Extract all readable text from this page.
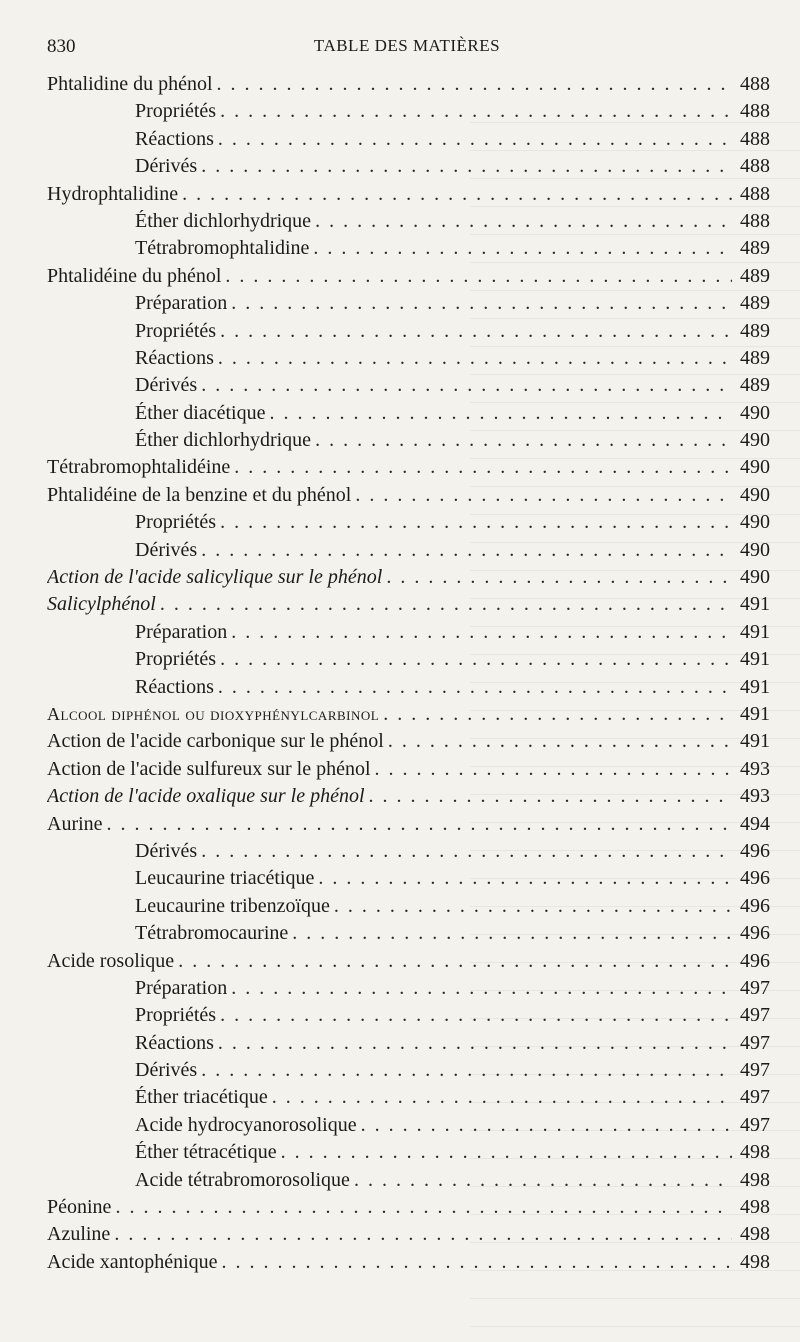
830	TABLE DES MATIÈRES
Phtalidine du phénol . . .	488
Propriétés . . .	488
Réactions . . .	488
Dérivés . . .	488
Hydrophtalidine . . .	488
Éther dichlorhydrique . . .	488
Tétrabromophtalidine . . .	489
Phtalidéine du phénol . . .	489
Préparation . . .	489
Propriétés . . .	489
Réactions . . .	489
Dérivés . . .	489
Éther diacétique . . .	490
Éther dichlorhydrique . . .	490
Tétrabromophtalidéine . . .	490
Phtalidéine de la benzine et du phénol . . .	490
Propriétés . . .	490
Dérivés . . .	490
Action de l'acide salicylique sur le phénol . . .	490
Salicylphénol . . .	491
Préparation . . .	491
Propriétés . . .	491
Réactions . . .	491
Alcool diphénol ou dioxyphénylcarbinol . . .	491
Action de l'acide carbonique sur le phénol . . .	491
Action de l'acide sulfureux sur le phénol . . .	493
Action de l'acide oxalique sur le phénol . . .	493
Aurine . . .	494
Dérivés . . .	496
Leucaurine triacétique . . .	496
Leucaurine tribenzoïque . . .	496
Tétrabromocaurine . . .	496
Acide rosolique . . .	496
Préparation . . .	497
Propriétés . . .	497
Réactions . . .	497
Dérivés . . .	497
Éther triacétique . . .	497
Acide hydrocyanorosolique . . .	497
Éther tétracétique . . .	498
Acide tétrabromorosolique . . .	498
Péonine . . .	498
Azuline . . .	498
Acide xantophénique . . .	498
